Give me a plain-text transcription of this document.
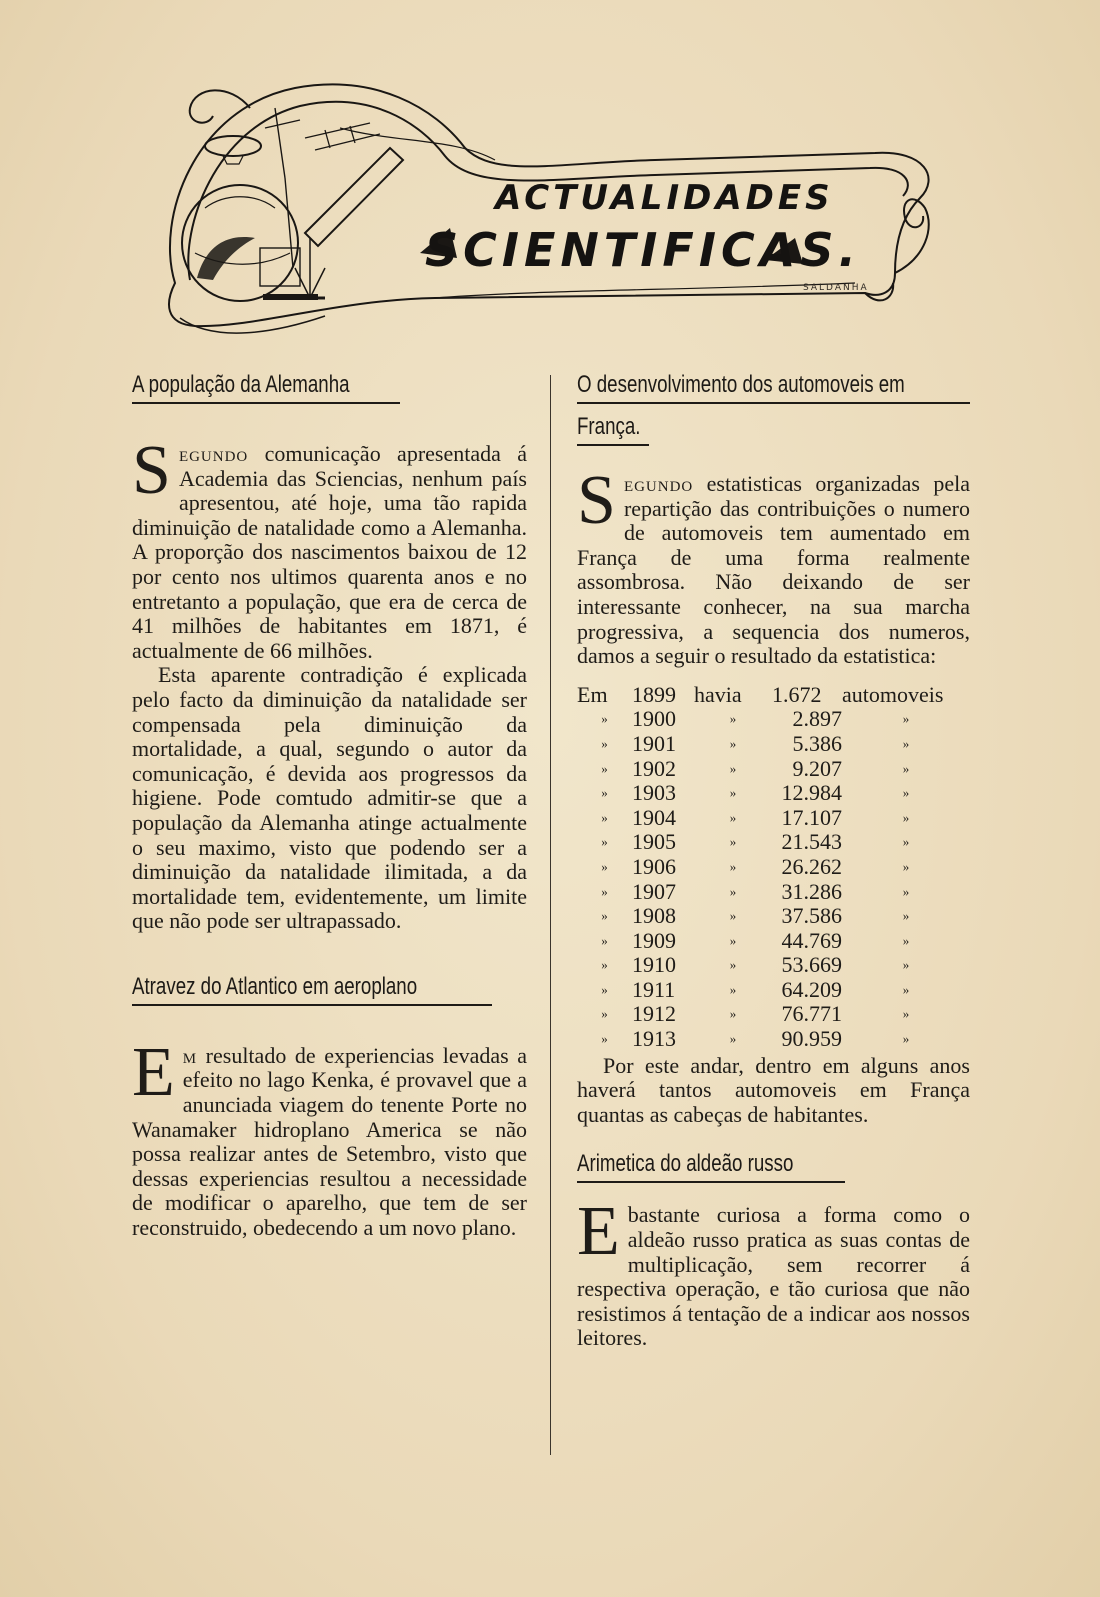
ACTUALIDADES
SCIENTIFICAS.
SALDANHA
A população da Alemanha

Segundo comunicação apresentada á Academia das Sciencias, nenhum país apresentou, até hoje, uma tão rapida diminuição de natalidade como a Alemanha. A proporção dos nascimentos baixou de 12 por cento nos ultimos quarenta anos e no entretanto a população, que era de cerca de 41 milhões de habitantes em 1871, é actualmente de 66 milhões.

Esta aparente contradição é explicada pelo facto da diminuição da natalidade ser compensada pela diminuição da mortalidade, a qual, segundo o autor da comunicação, é devida aos progressos da higiene. Pode comtudo admitir-se que a população da Alemanha atinge actualmente o seu maximo, visto que podendo ser a diminuição da natalidade ilimitada, a da mortalidade tem, evidentemente, um limite que não pode ser ultrapassado.

Atravez do Atlantico em aeroplano

Em resultado de experiencias levadas a efeito no lago Kenka, é provavel que a anunciada viagem do tenente Porte no Wanamaker hidroplano America se não possa realizar antes de Setembro, visto que dessas experiencias resultou a necessidade de modificar o aparelho, que tem de ser reconstruido, obedecendo a um novo plano.

O desenvolvimento dos automoveis em
França.

Segundo estatisticas organizadas pela repartição das contribuições o numero de automoveis tem aumentado em França de uma forma realmente assombrosa. Não deixando de ser interessante conhecer, na sua marcha progressiva, a sequencia dos numeros, damos a seguir o resultado da estatistica:

Em	1899	havia	1.672	automoveis
»	1900	»	2.897	»
»	1901	»	5.386	»
»	1902	»	9.207	»
»	1903	»	12.984	»
»	1904	»	17.107	»
»	1905	»	21.543	»
»	1906	»	26.262	»
»	1907	»	31.286	»
»	1908	»	37.586	»
»	1909	»	44.769	»
»	1910	»	53.669	»
»	1911	»	64.209	»
»	1912	»	76.771	»
»	1913	»	90.959	»

Por este andar, dentro em alguns anos haverá tantos automoveis em França quantas as cabeças de habitantes.

Arimetica do aldeão russo

Ebastante curiosa a forma como o aldeão russo pratica as suas contas de multiplicação, sem recorrer á respectiva operação, e tão curiosa que não resistimos á tentação de a indicar aos nossos leitores.
